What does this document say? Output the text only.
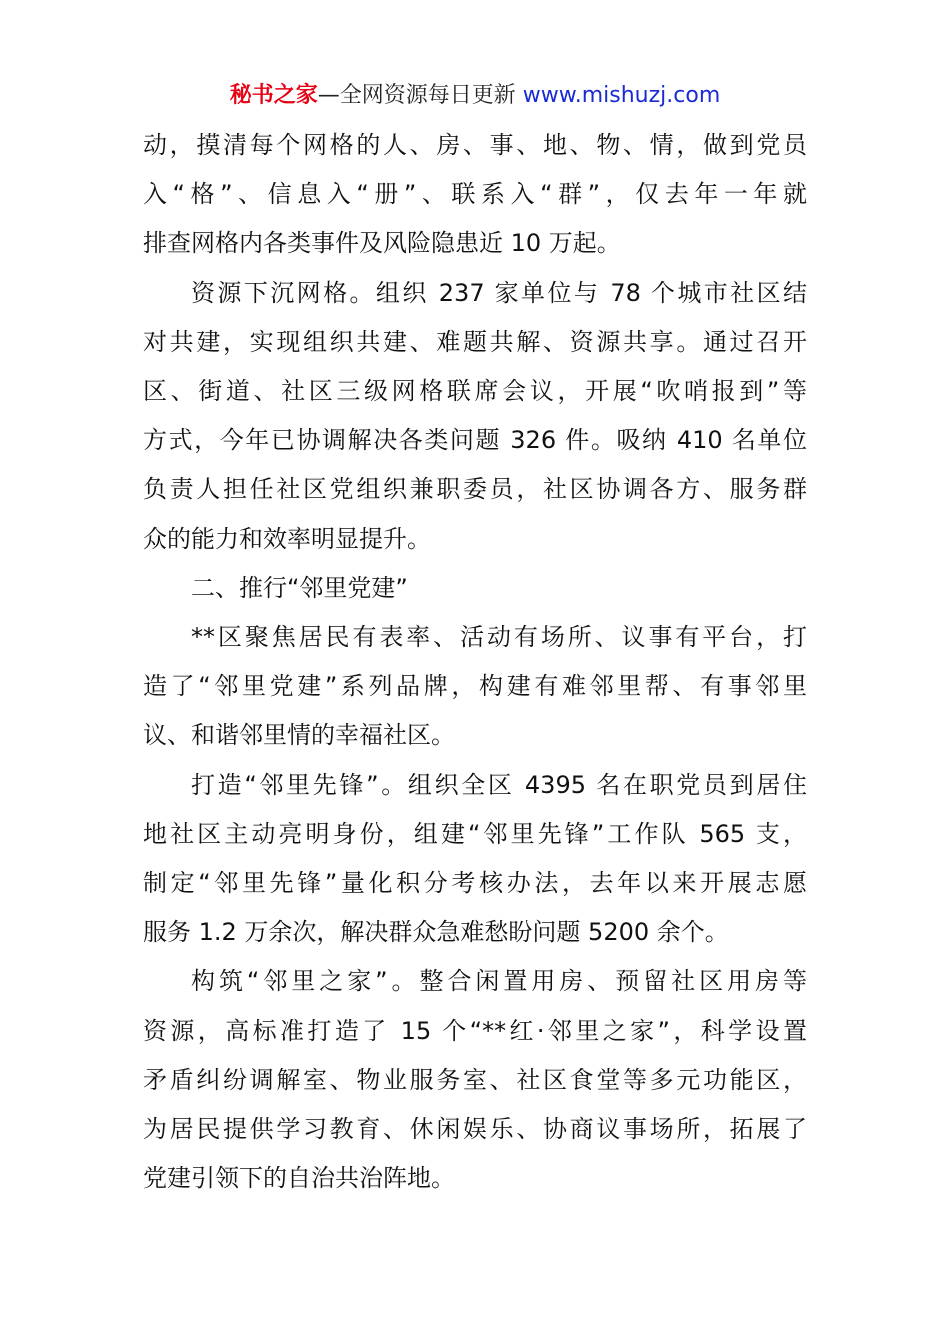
秘书之家—全网资源每日更新 www.mishuzj.com
动，摸清每个网格的人、房、事、地、物、情，做到党员
入“格”、信息入“册”、联系入“群”，仅去年一年就
排查网格内各类事件及风险隐患近 10 万起。
资源下沉网格。组织 237 家单位与 78 个城市社区结
对共建，实现组织共建、难题共解、资源共享。通过召开
区、街道、社区三级网格联席会议，开展“吹哨报到”等
方式，今年已协调解决各类问题 326 件。吸纳 410 名单位
负责人担任社区党组织兼职委员，社区协调各方、服务群
众的能力和效率明显提升。
二、推行“邻里党建”
**区聚焦居民有表率、活动有场所、议事有平台，打
造了“邻里党建”系列品牌，构建有难邻里帮、有事邻里
议、和谐邻里情的幸福社区。
打造“邻里先锋”。组织全区 4395 名在职党员到居住
地社区主动亮明身份，组建“邻里先锋”工作队 565 支，
制定“邻里先锋”量化积分考核办法，去年以来开展志愿
服务 1.2 万余次，解决群众急难愁盼问题 5200 余个。
构筑“邻里之家”。整合闲置用房、预留社区用房等
资源，高标准打造了 15 个“**红·邻里之家”，科学设置
矛盾纠纷调解室、物业服务室、社区食堂等多元功能区，
为居民提供学习教育、休闲娱乐、协商议事场所，拓展了
党建引领下的自治共治阵地。
